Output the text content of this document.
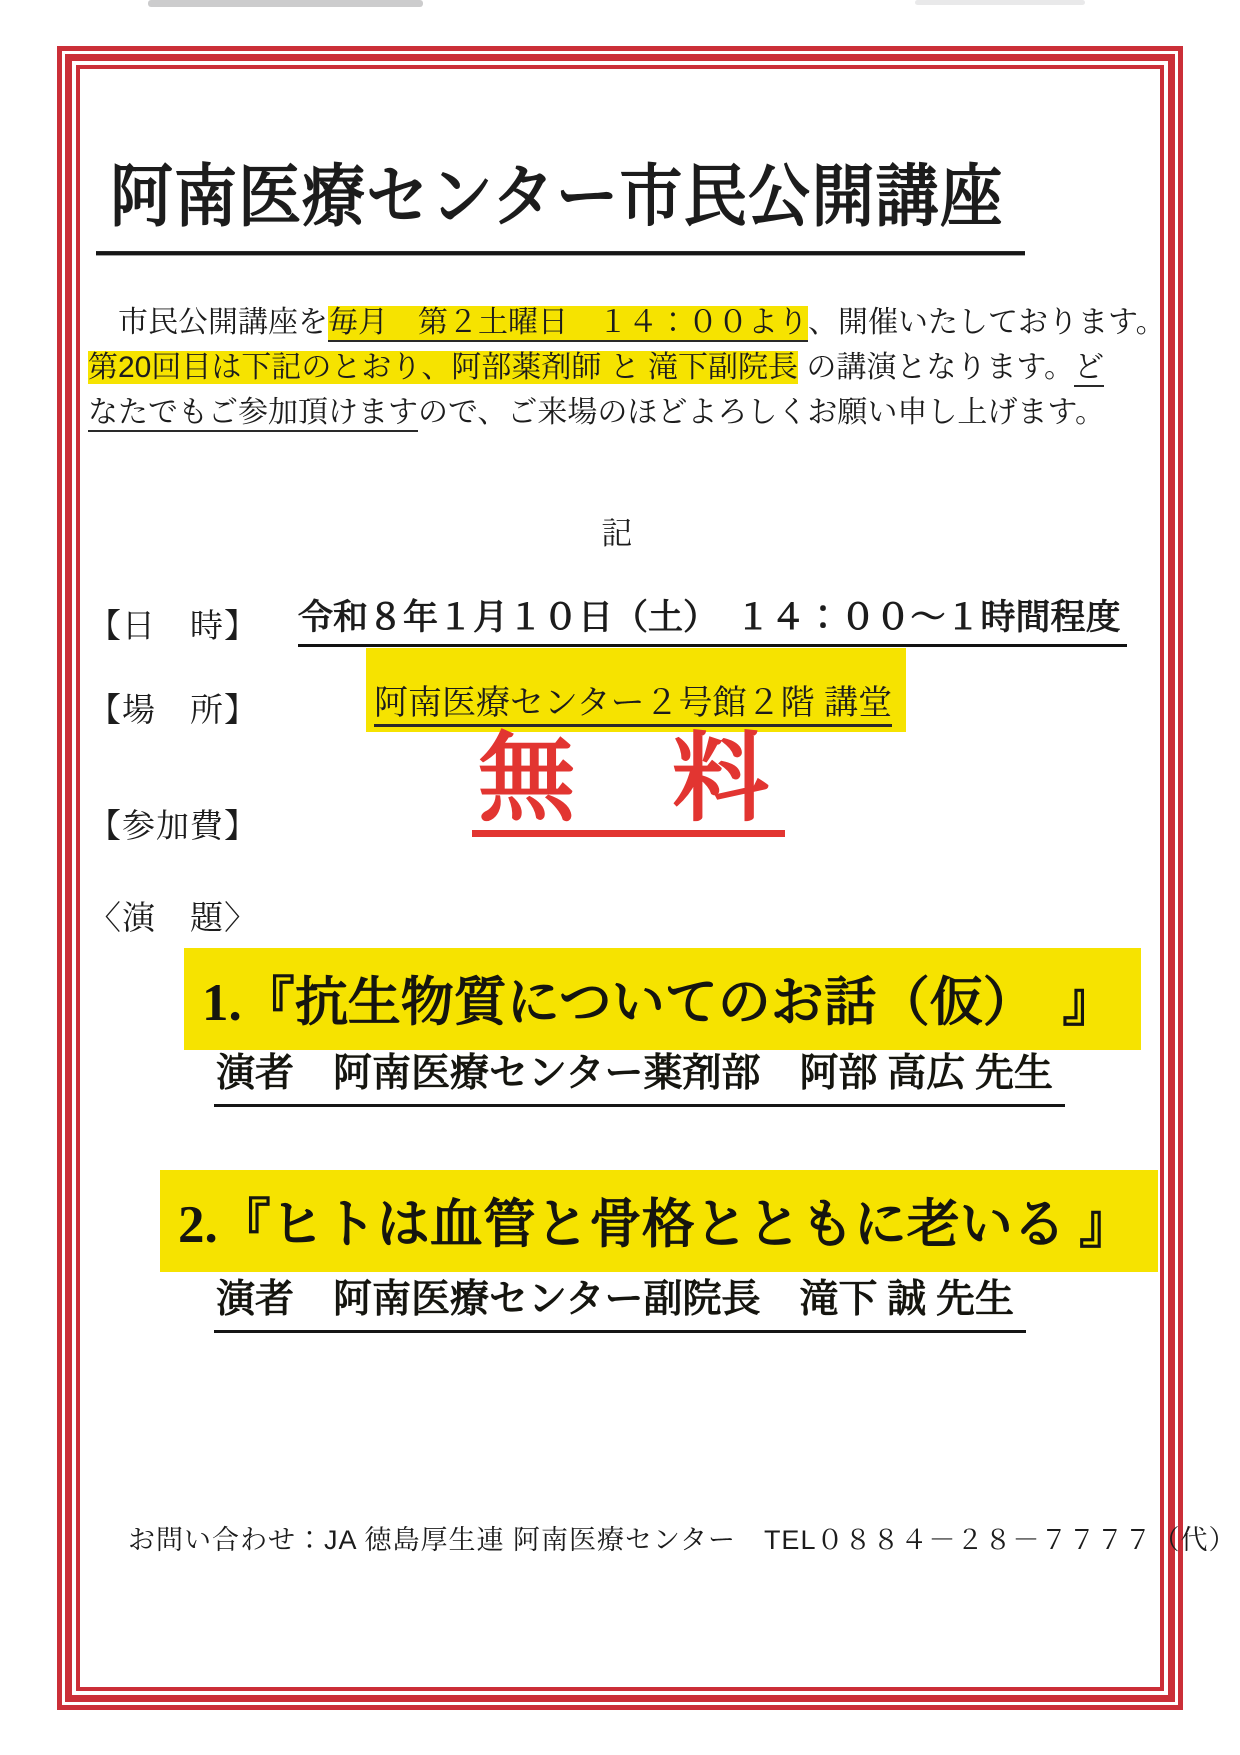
阿南医療センター市民公開講座
　市民公開講座を毎月　第２土曜日　１４：００より、開催いたしております。
第20回目は下記のとおり、阿部薬剤師 と 滝下副院長 の講演となります。ど
なたでもご参加頂けますので、ご来場のほどよろしくお願い申し上げます。
記
【日　時】 令和８年１月１０日（土）　１４：００～１時間程度
【場　所】	阿南医療センター２号館２階 講堂
【参加費】 無　料
〈演　題〉
1.『抗生物質についてのお話（仮）　』
演者　阿南医療センター薬剤部　阿部 高広 先生
2.『ヒトは血管と骨格とともに老いる 』
演者　阿南医療センター副院長　滝下 誠 先生
お問い合わせ：JA 徳島厚生連 阿南医療センター　TEL０８８４－２８－７７７７（代）
